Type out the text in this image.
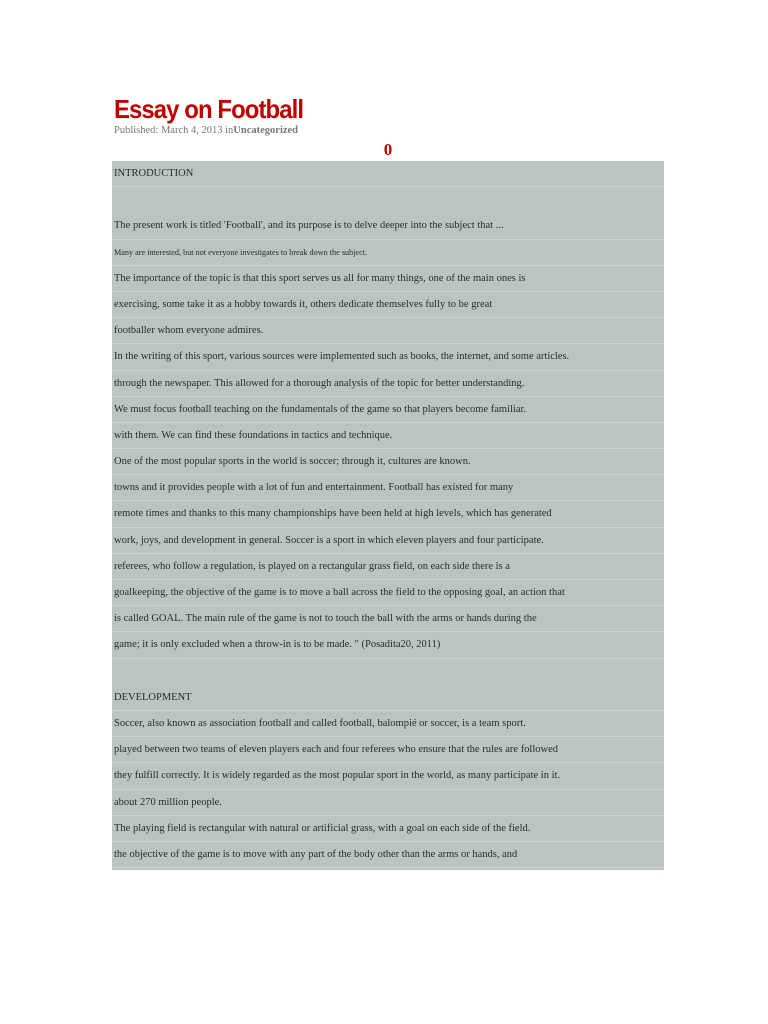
Essay on Football
Published: March 4, 2013 inUncategorized
0
INTRODUCTION
The present work is titled 'Football', and its purpose is to delve deeper into the subject that ...
Many are interested, but not everyone investigates to break down the subject.
The importance of the topic is that this sport serves us all for many things, one of the main ones is
exercising, some take it as a hobby towards it, others dedicate themselves fully to be great
footballer whom everyone admires.
In the writing of this sport, various sources were implemented such as books, the internet, and some articles.
through the newspaper. This allowed for a thorough analysis of the topic for better understanding.
We must focus football teaching on the fundamentals of the game so that players become familiar.
with them. We can find these foundations in tactics and technique.
One of the most popular sports in the world is soccer; through it, cultures are known.
towns and it provides people with a lot of fun and entertainment. Football has existed for many
remote times and thanks to this many championships have been held at high levels, which has generated
work, joys, and development in general. Soccer is a sport in which eleven players and four participate.
referees, who follow a regulation, is played on a rectangular grass field, on each side there is a
goalkeeping, the objective of the game is to move a ball across the field to the opposing goal, an action that
is called GOAL. The main rule of the game is not to touch the ball with the arms or hands during the
game; it is only excluded when a throw-in is to be made. " (Posadita20, 2011)
DEVELOPMENT
Soccer, also known as association football and called football, balompié or soccer, is a team sport.
played between two teams of eleven players each and four referees who ensure that the rules are followed
they fulfill correctly. It is widely regarded as the most popular sport in the world, as many participate in it.
about 270 million people.
The playing field is rectangular with natural or artificial grass, with a goal on each side of the field.
the objective of the game is to move with any part of the body other than the arms or hands, and
